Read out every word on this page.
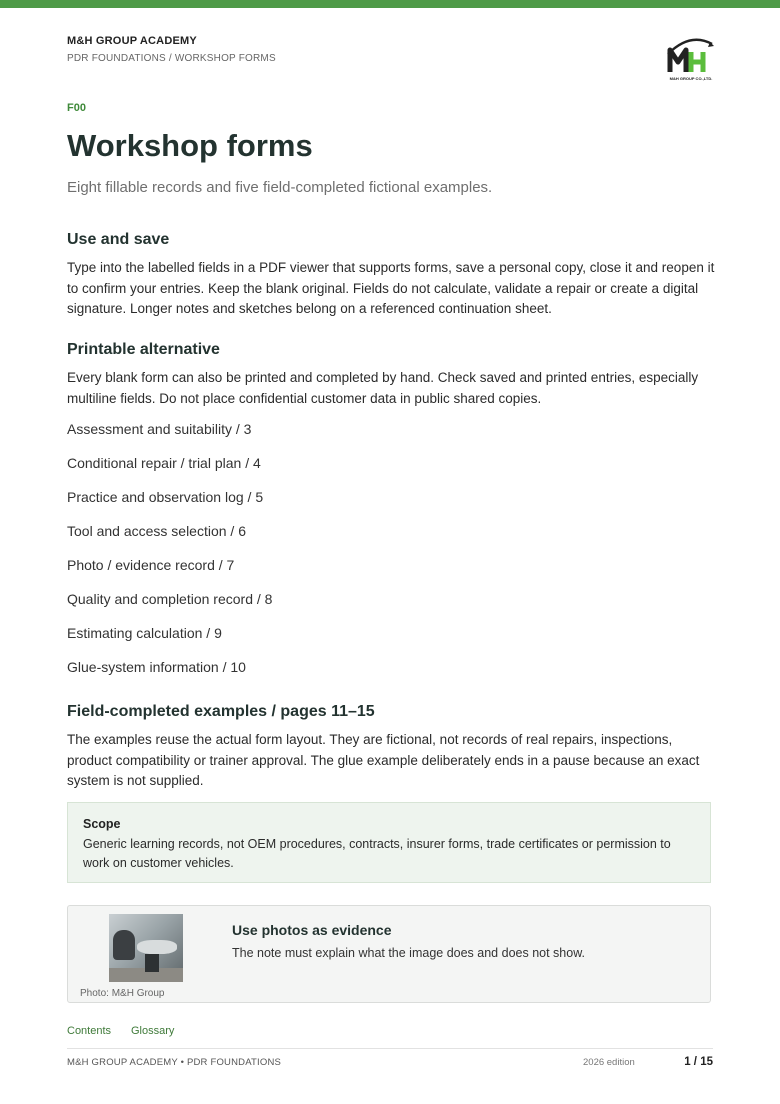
M&H GROUP ACADEMY
PDR FOUNDATIONS / WORKSHOP FORMS
M&H GROUP CO.,LTD.
F00
Workshop forms
Eight fillable records and five field-completed fictional examples.
Use and save

Type into the labelled fields in a PDF viewer that supports forms, save a personal copy, close it and reopen it to confirm your entries. Keep the blank original. Fields do not calculate, validate a repair or create a digital signature. Longer notes and sketches belong on a referenced continuation sheet.

Printable alternative

Every blank form can also be printed and completed by hand. Check saved and printed entries, especially multiline fields. Do not place confidential customer data in public shared copies.

Assessment and suitability / 3
Conditional repair / trial plan / 4
Practice and observation log / 5
Tool and access selection / 6
Photo / evidence record / 7
Quality and completion record / 8
Estimating calculation / 9
Glue-system information / 10
Field-completed examples / pages 11–15

The examples reuse the actual form layout. They are fictional, not records of real repairs, inspections, product compatibility or trainer approval. The glue example deliberately ends in a pause because an exact system is not supplied.

Scope
Generic learning records, not OEM procedures, contracts, insurer forms, trade certificates or permission to work on customer vehicles.
Photo: M&H Group
Use photos as evidence
The note must explain what the image does and does not show.
Contents Glossary
M&H GROUP ACADEMY • PDR FOUNDATIONS	2026 edition	1 / 15
